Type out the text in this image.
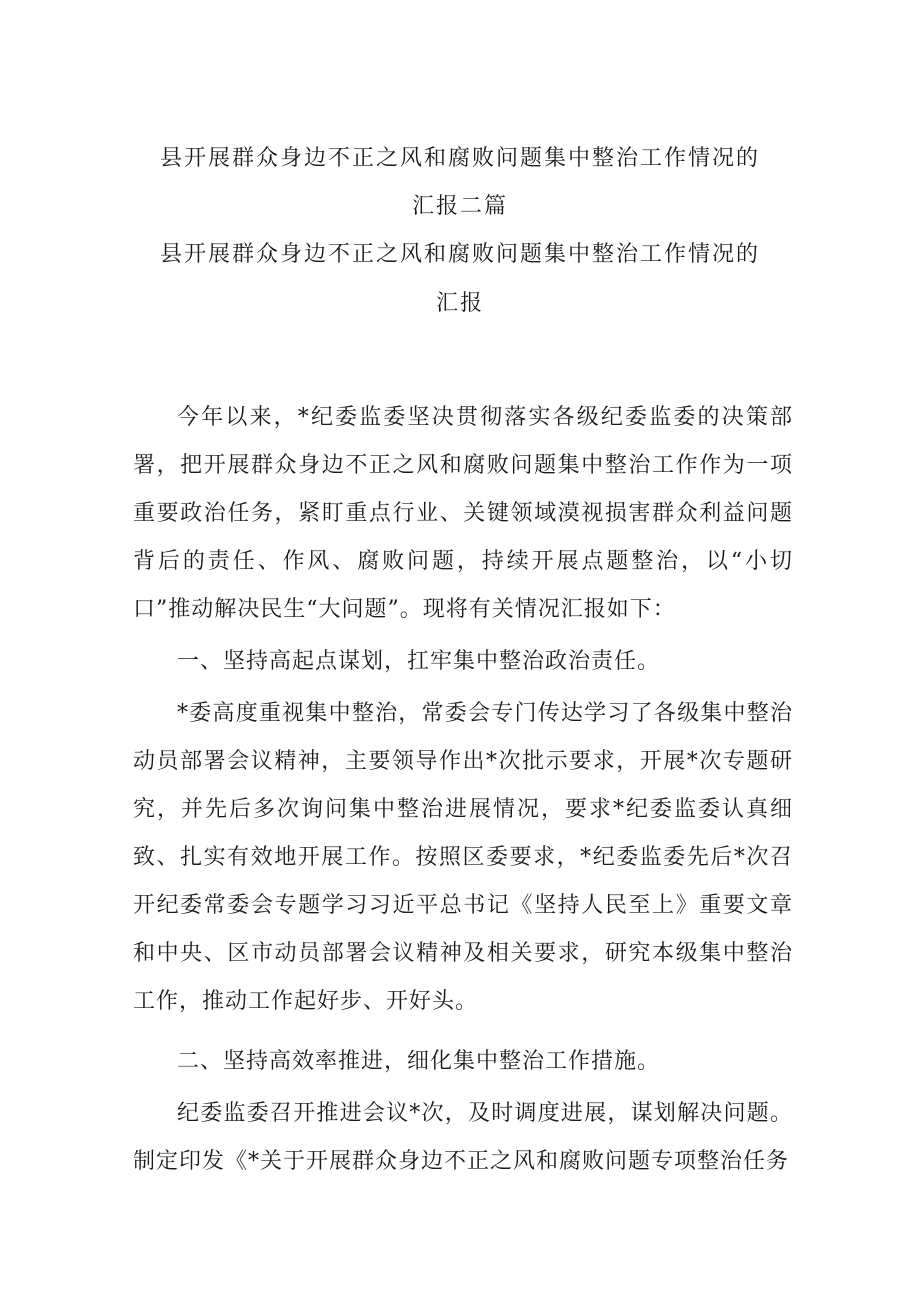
县开展群众身边不正之风和腐败问题集中整治工作情况的
汇报二篇
县开展群众身边不正之风和腐败问题集中整治工作情况的
汇报

今年以来，*纪委监委坚决贯彻落实各级纪委监委的决策部署，把开展群众身边不正之风和腐败问题集中整治工作作为一项重要政治任务，紧盯重点行业、关键领域漠视损害群众利益问题背后的责任、作风、腐败问题，持续开展点题整治，以“小切口”推动解决民生“大问题”。现将有关情况汇报如下：

一、坚持高起点谋划，扛牢集中整治政治责任。

*委高度重视集中整治，常委会专门传达学习了各级集中整治动员部署会议精神，主要领导作出*次批示要求，开展*次专题研究，并先后多次询问集中整治进展情况，要求*纪委监委认真细致、扎实有效地开展工作。按照区委要求，*纪委监委先后*次召开纪委常委会专题学习习近平总书记《坚持人民至上》重要文章和中央、区市动员部署会议精神及相关要求，研究本级集中整治工作，推动工作起好步、开好头。

二、坚持高效率推进，细化集中整治工作措施。

纪委监委召开推进会议*次，及时调度进展，谋划解决问题。制定印发《*关于开展群众身边不正之风和腐败问题专项整治任务
